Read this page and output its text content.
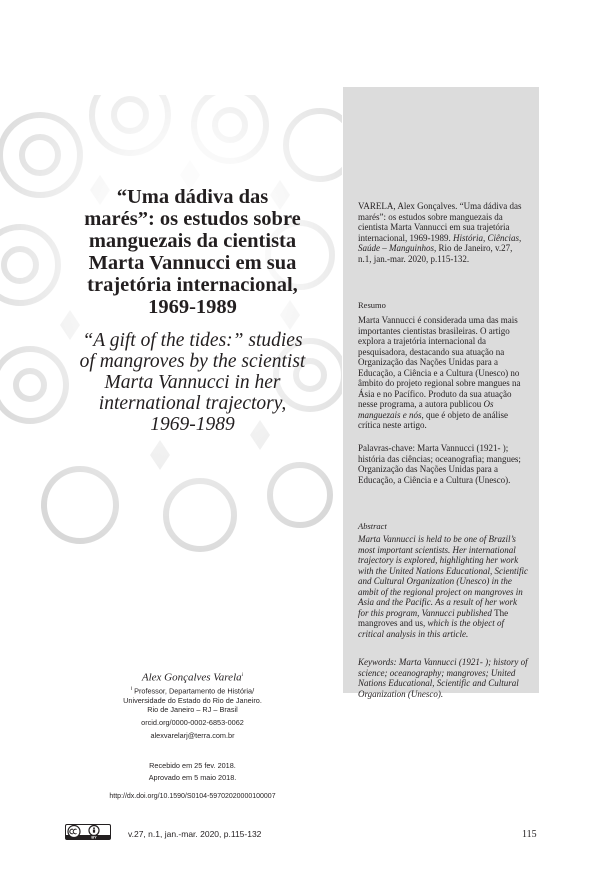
“Uma dádiva das
marés”: os estudos sobre
manguezais da cientista
Marta Vannucci em sua
trajetória internacional,
1969-1989

“A gift of the tides:” studies
of mangroves by the scientist
Marta Vannucci in her
international trajectory,
1969-1989

VARELA, Alex Gonçalves. “Uma dádiva das marés”: os estudos sobre manguezais da cientista Marta Vannucci em sua trajetória internacional, 1969-1989. História, Ciências, Saúde – Manguinhos, Rio de Janeiro, v.27, n.1, jan.-mar. 2020, p.115-132.

Resumo

Marta Vannucci é considerada uma das mais importantes cientistas brasileiras. O artigo explora a trajetória internacional da pesquisadora, destacando sua atuação na Organização das Nações Unidas para a Educação, a Ciência e a Cultura (Unesco) no âmbito do projeto regional sobre mangues na Ásia e no Pacífico. Produto da sua atuação nesse programa, a autora publicou Os manguezais e nós, que é objeto de análise crítica neste artigo.

Palavras-chave: Marta Vannucci (1921- ); história das ciências; oceanografia; mangues; Organização das Nações Unidas para a Educação, a Ciência e a Cultura (Unesco).

Abstract

Marta Vannucci is held to be one of Brazil’s most important scientists. Her international trajectory is explored, highlighting her work with the United Nations Educational, Scientific and Cultural Organization (Unesco) in the ambit of the regional project on mangroves in Asia and the Pacific. As a result of her work for this program, Vannucci published The mangroves and us, which is the object of critical analysis in this article.

Keywords: Marta Vannucci (1921- ); history of science; oceanography; mangroves; United Nations Educational, Scientific and Cultural Organization (Unesco).

Alex Gonçalves Varela$^i$
$^i$ Professor, Departamento de História/
Universidade do Estado do Rio de Janeiro.
Rio de Janeiro – RJ – Brasil
orcid.org/0000-0002-6853-0062
alexvarelarj@terra.com.br
Recebido em 25 fev. 2018.
Aprovado em 5 maio 2018.
http://dx.doi.org/10.1590/S0104-59702020000100007
BY	v.27, n.1, jan.-mar. 2020, p.115-132	115
